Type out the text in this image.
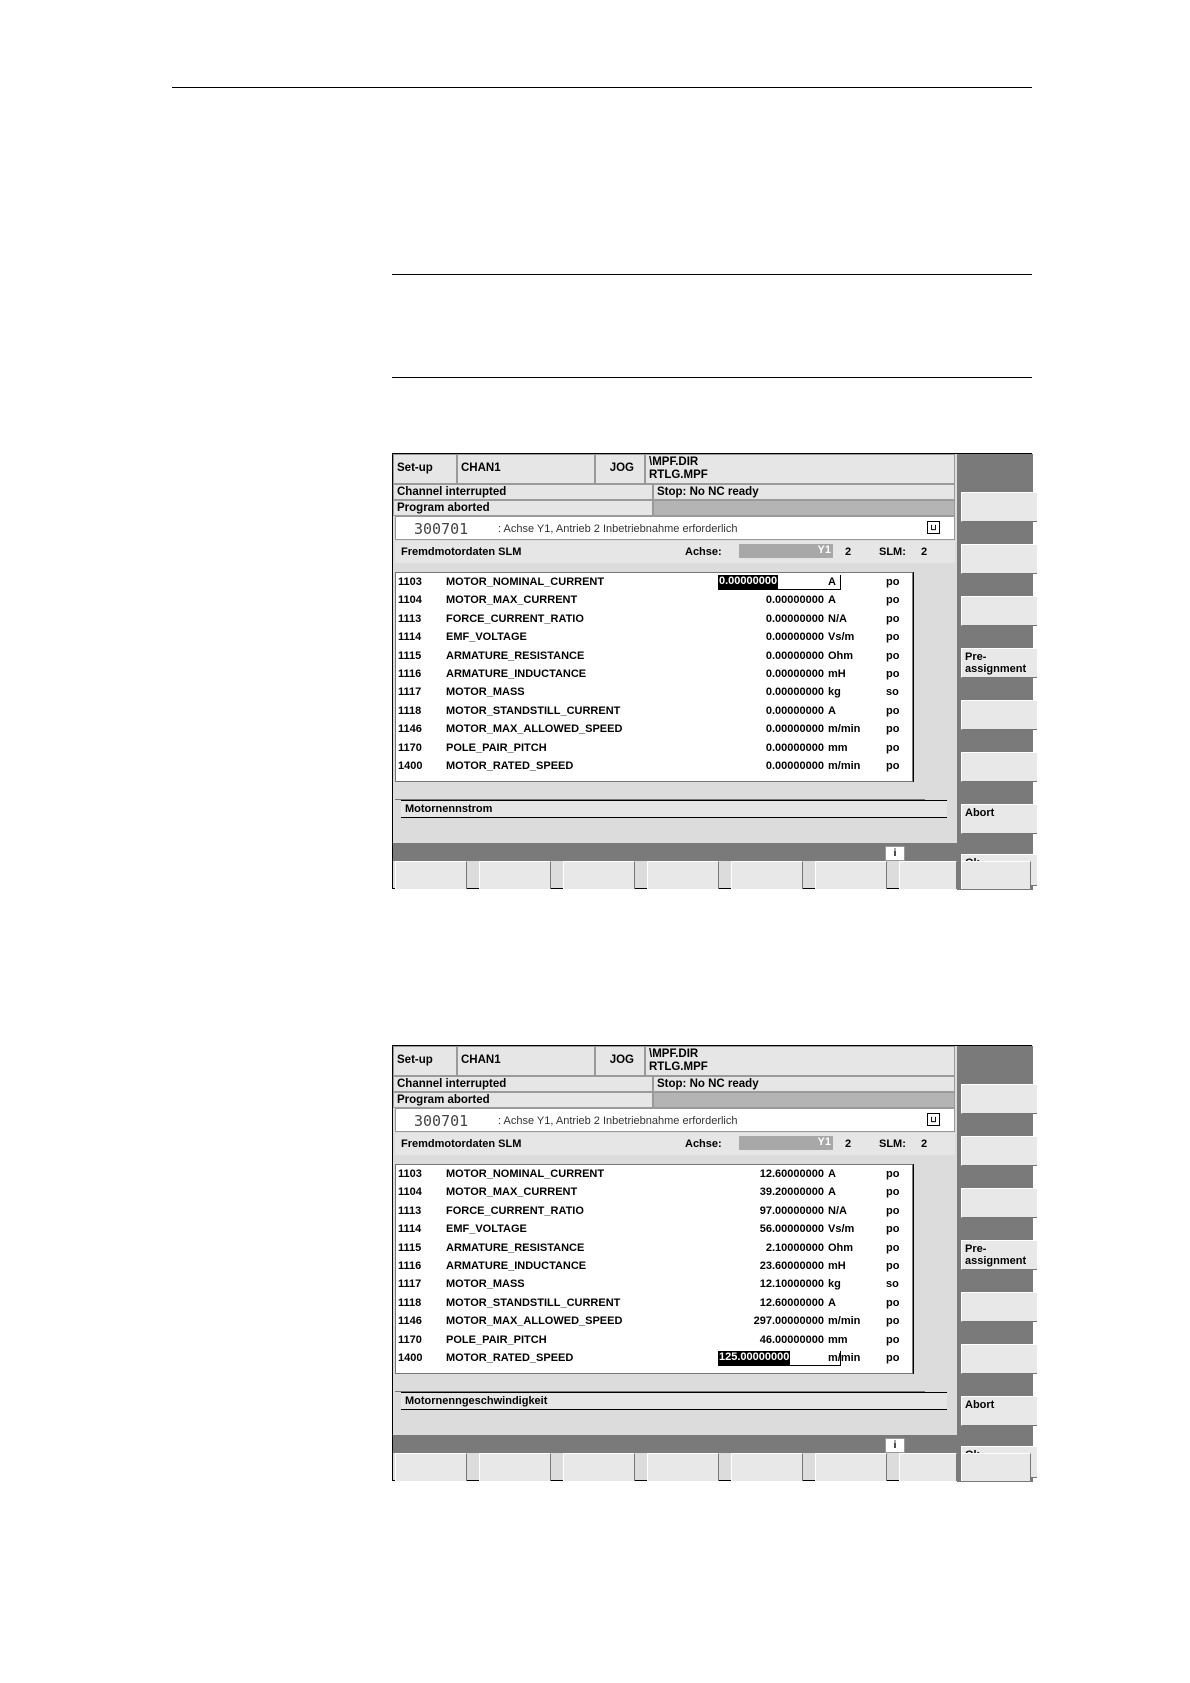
Set-up	CHAN1	JOG	\MPF.DIR
RTLG.MPF
Channel interrupted	Stop: No NC ready
Program aborted
300701	: Achse Y1, Antrieb 2 Inbetriebnahme erforderlich	⊔
Fremdmotordaten SLM	Achse:	Y1 2	SLM: 2
1103 MOTOR_NOMINAL_CURRENT	0.00000000	A	po
1104 MOTOR_MAX_CURRENT	0.00000000 A	po
1113 FORCE_CURRENT_RATIO	0.00000000 N/A	po
1114 EMF_VOLTAGE	0.00000000 Vs/m	po
1115 ARMATURE_RESISTANCE	0.00000000 Ohm	po
1116 ARMATURE_INDUCTANCE	0.00000000 mH	po
1117 MOTOR_MASS	0.00000000 kg	so
1118 MOTOR_STANDSTILL_CURRENT	0.00000000 A	po
1146 MOTOR_MAX_ALLOWED_SPEED	0.00000000 m/min po
1170 POLE_PAIR_PITCH	0.00000000 mm	po
1400 MOTOR_RATED_SPEED	0.00000000 m/min po
Motornennstrom
i
Pre-
assignment
Abort
Set-up	CHAN1	JOG	\MPF.DIR
RTLG.MPF
Channel interrupted	Stop: No NC ready
Program aborted
300701	: Achse Y1, Antrieb 2 Inbetriebnahme erforderlich	⊔
Fremdmotordaten SLM	Achse:	Y1 2	SLM: 2
1103 MOTOR_NOMINAL_CURRENT	12.60000000 A	po
1104 MOTOR_MAX_CURRENT	39.20000000 A	po
1113 FORCE_CURRENT_RATIO	97.00000000 N/A	po
1114 EMF_VOLTAGE	56.00000000 Vs/m	po
1115 ARMATURE_RESISTANCE	2.10000000 Ohm	po
1116 ARMATURE_INDUCTANCE	23.60000000 mH	po
1117 MOTOR_MASS	12.10000000 kg	so
1118 MOTOR_STANDSTILL_CURRENT	12.60000000 A	po
1146 MOTOR_MAX_ALLOWED_SPEED	297.00000000 m/min po
1170 POLE_PAIR_PITCH	46.00000000 mm	po
1400 MOTOR_RATED_SPEED	125.00000000	m/min po
Motornenngeschwindigkeit
i
Pre-
assignment
Abort
